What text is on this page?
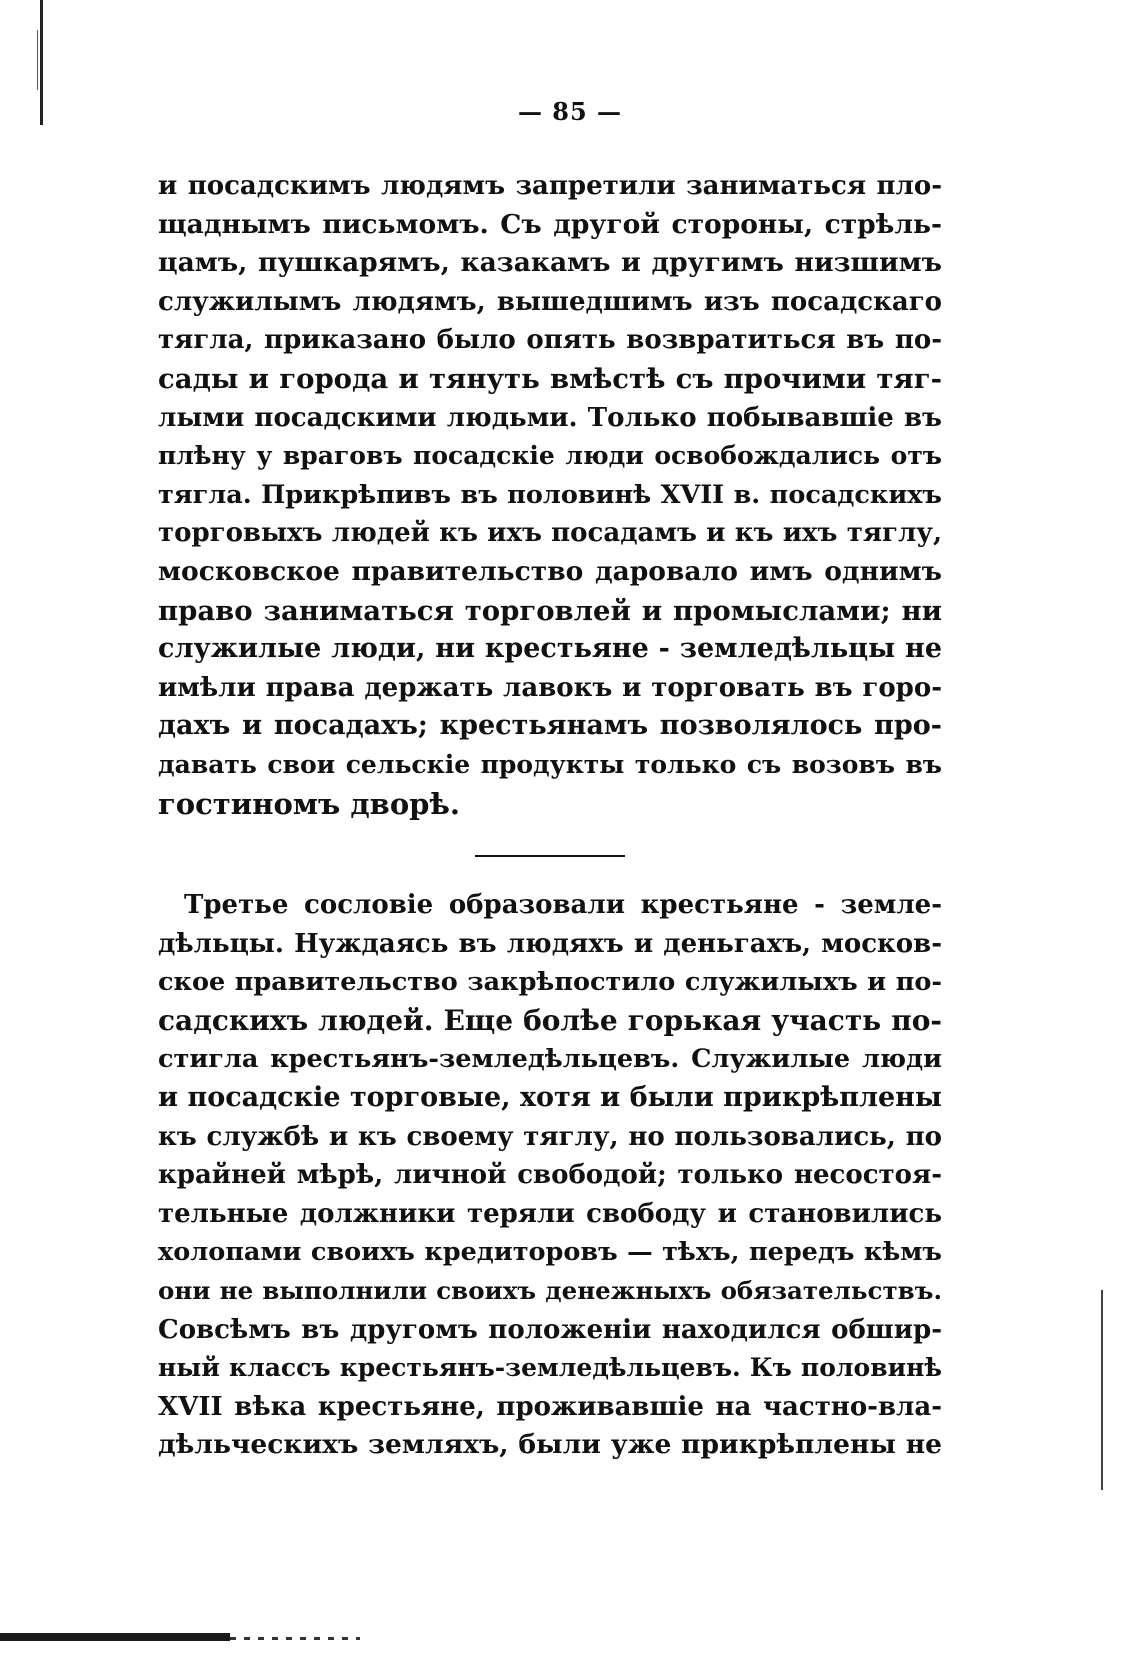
— 85 —
и посадскимъ людямъ запретили заниматься пло-
щаднымъ письмомъ. Съ другой стороны, стрѣль-
цамъ, пушкарямъ, казакамъ и другимъ низшимъ
служилымъ людямъ, вышедшимъ изъ посадскаго
тягла, приказано было опять возвратиться въ по-
сады и города и тянуть вмѣстѣ съ прочими тяг-
лыми посадскими людьми. Только побывавшіе въ
плѣну у враговъ посадскіе люди освобождались отъ
тягла. Прикрѣпивъ въ половинѣ XVII в. посадскихъ
торговыхъ людей къ ихъ посадамъ и къ ихъ тяглу,
московское правительство даровало имъ однимъ
право заниматься торговлей и промыслами; ни
служилые люди, ни крестьяне - земледѣльцы не
имѣли права держать лавокъ и торговать въ горо-
дахъ и посадахъ; крестьянамъ позволялось про-
давать свои сельскіе продукты только съ возовъ въ
гостиномъ дворѣ.
Третье сословіе образовали крестьяне - земле-
дѣльцы. Нуждаясь въ людяхъ и деньгахъ, москов-
ское правительство закрѣпостило служилыхъ и по-
садскихъ людей. Еще болѣе горькая участь по-
стигла крестьянъ-земледѣльцевъ. Служилые люди
и посадскіе торговые, хотя и были прикрѣплены
къ службѣ и къ своему тяглу, но пользовались, по
крайней мѣрѣ, личной свободой; только несостоя-
тельные должники теряли свободу и становились
холопами своихъ кредиторовъ — тѣхъ, передъ кѣмъ
они не выполнили своихъ денежныхъ обязательствъ.
Совсѣмъ въ другомъ положеніи находился обшир-
ный классъ крестьянъ-земледѣльцевъ. Къ половинѣ
XVII вѣка крестьяне, проживавшіе на частно-вла-
дѣльческихъ земляхъ, были уже прикрѣплены не
